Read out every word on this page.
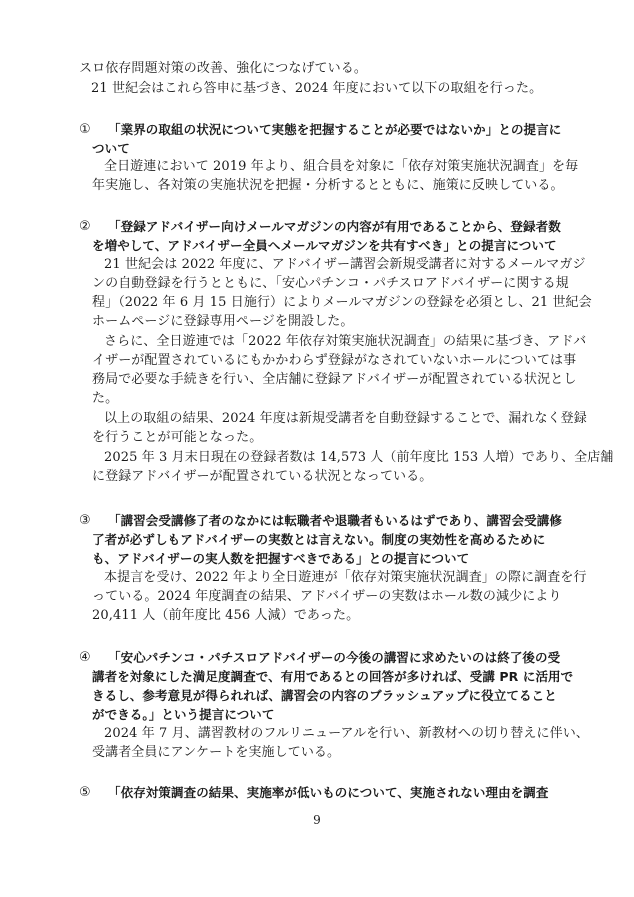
スロ依存問題対策の改善、強化につなげている。
21 世紀会はこれら答申に基づき、2024 年度において以下の取組を行った。
① 「業界の取組の状況について実態を把握することが必要ではないか」との提言に
ついて
全日遊連において 2019 年より、組合員を対象に「依存対策実施状況調査」を毎
年実施し、各対策の実施状況を把握・分析するとともに、施策に反映している。
② 「登録アドバイザー向けメールマガジンの内容が有用であることから、登録者数
を増やして、アドバイザー全員へメールマガジンを共有すべき」との提言について
21 世紀会は 2022 年度に、アドバイザー講習会新規受講者に対するメールマガジ
ンの自動登録を行うとともに、「安心パチンコ・パチスロアドバイザーに関する規
程」（2022 年 6 月 15 日施行）によりメールマガジンの登録を必須とし、21 世紀会
ホームページに登録専用ページを開設した。
さらに、全日遊連では「2022 年依存対策実施状況調査」の結果に基づき、アドバ
イザーが配置されているにもかかわらず登録がなされていないホールについては事
務局で必要な手続きを行い、全店舗に登録アドバイザーが配置されている状況とし
た。
以上の取組の結果、2024 年度は新規受講者を自動登録することで、漏れなく登録
を行うことが可能となった。
2025 年 3 月末日現在の登録者数は 14,573 人（前年度比 153 人増）であり、全店舗
に登録アドバイザーが配置されている状況となっている。
③ 「講習会受講修了者のなかには転職者や退職者もいるはずであり、講習会受講修
了者が必ずしもアドバイザーの実数とは言えない。制度の実効性を高めるために
も、アドバイザーの実人数を把握すべきである」との提言について
本提言を受け、2022 年より全日遊連が「依存対策実施状況調査」の際に調査を行
っている。2024 年度調査の結果、アドバイザーの実数はホール数の減少により
20,411 人（前年度比 456 人減）であった。
④ 「安心パチンコ・パチスロアドバイザーの今後の講習に求めたいのは終了後の受
講者を対象にした満足度調査で、有用であるとの回答が多ければ、受講 PR に活用で
きるし、参考意見が得られれば、講習会の内容のブラッシュアップに役立てること
ができる。」という提言について
2024 年 7 月、講習教材のフルリニューアルを行い、新教材への切り替えに伴い、
受講者全員にアンケートを実施している。
⑤ 「依存対策調査の結果、実施率が低いものについて、実施されない理由を調査
9
